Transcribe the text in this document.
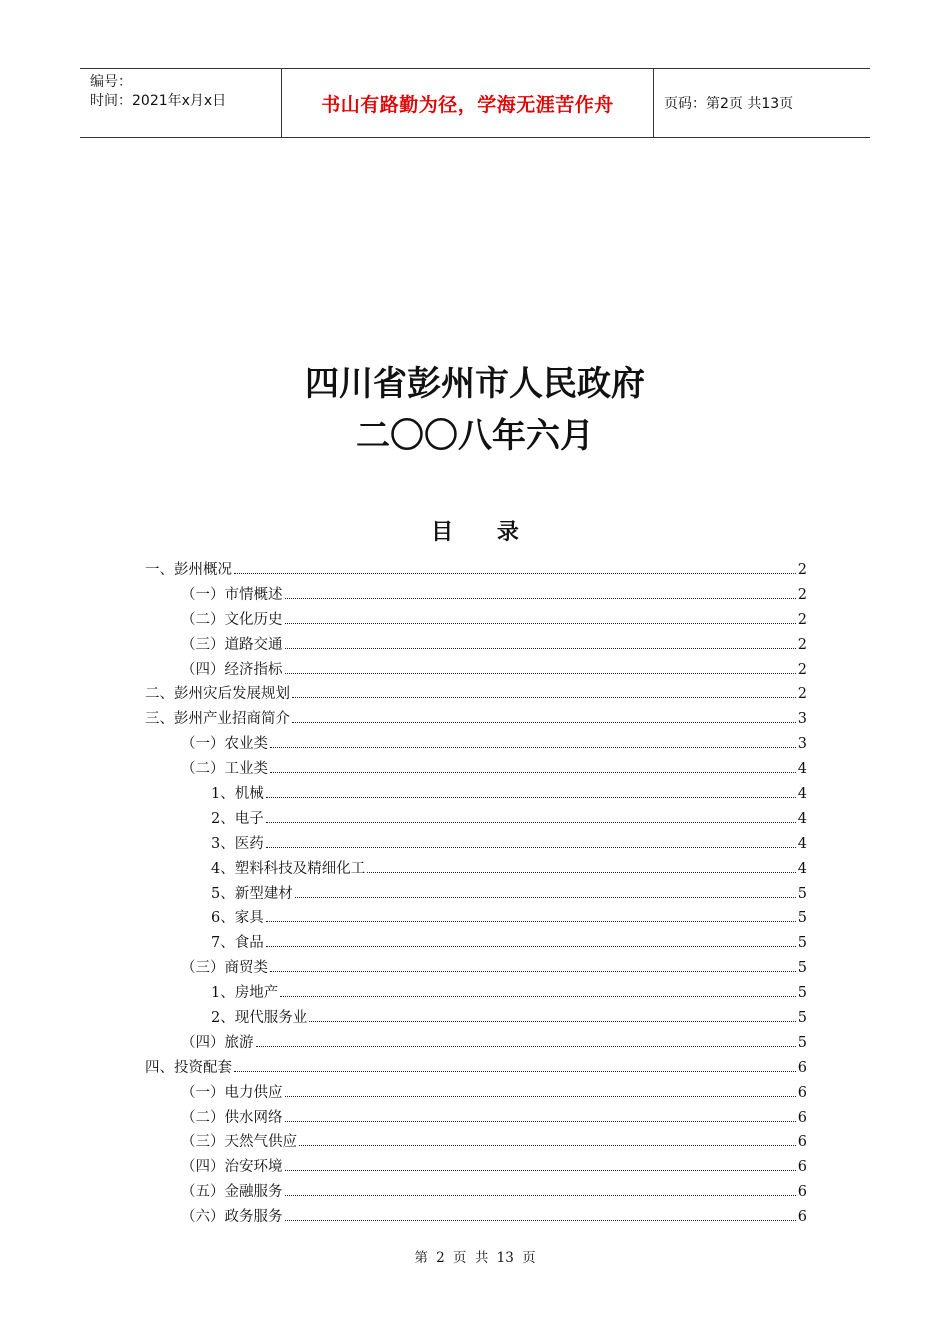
编号：
时间：2021年x月x日	书山有路勤为径，学海无涯苦作舟	页码：第2页 共13页
四川省彭州市人民政府
二〇〇八年六月
目 录
一、彭州概况	2
（一）市情概述	2
（二）文化历史	2
（三）道路交通	2
（四）经济指标	2
二、彭州灾后发展规划	2
三、彭州产业招商简介	3
（一）农业类	3
（二）工业类	4
1、机械	4
2、电子	4
3、医药	4
4、塑料科技及精细化工	4
5、新型建材	5
6、家具	5
7、食品	5
（三）商贸类	5
1、房地产	5
2、现代服务业	5
（四）旅游	5
四、投资配套	6
（一）电力供应	6
（二）供水网络	6
（三）天然气供应	6
（四）治安环境	6
（五）金融服务	6
（六）政务服务	6
第 2 页 共 13 页
